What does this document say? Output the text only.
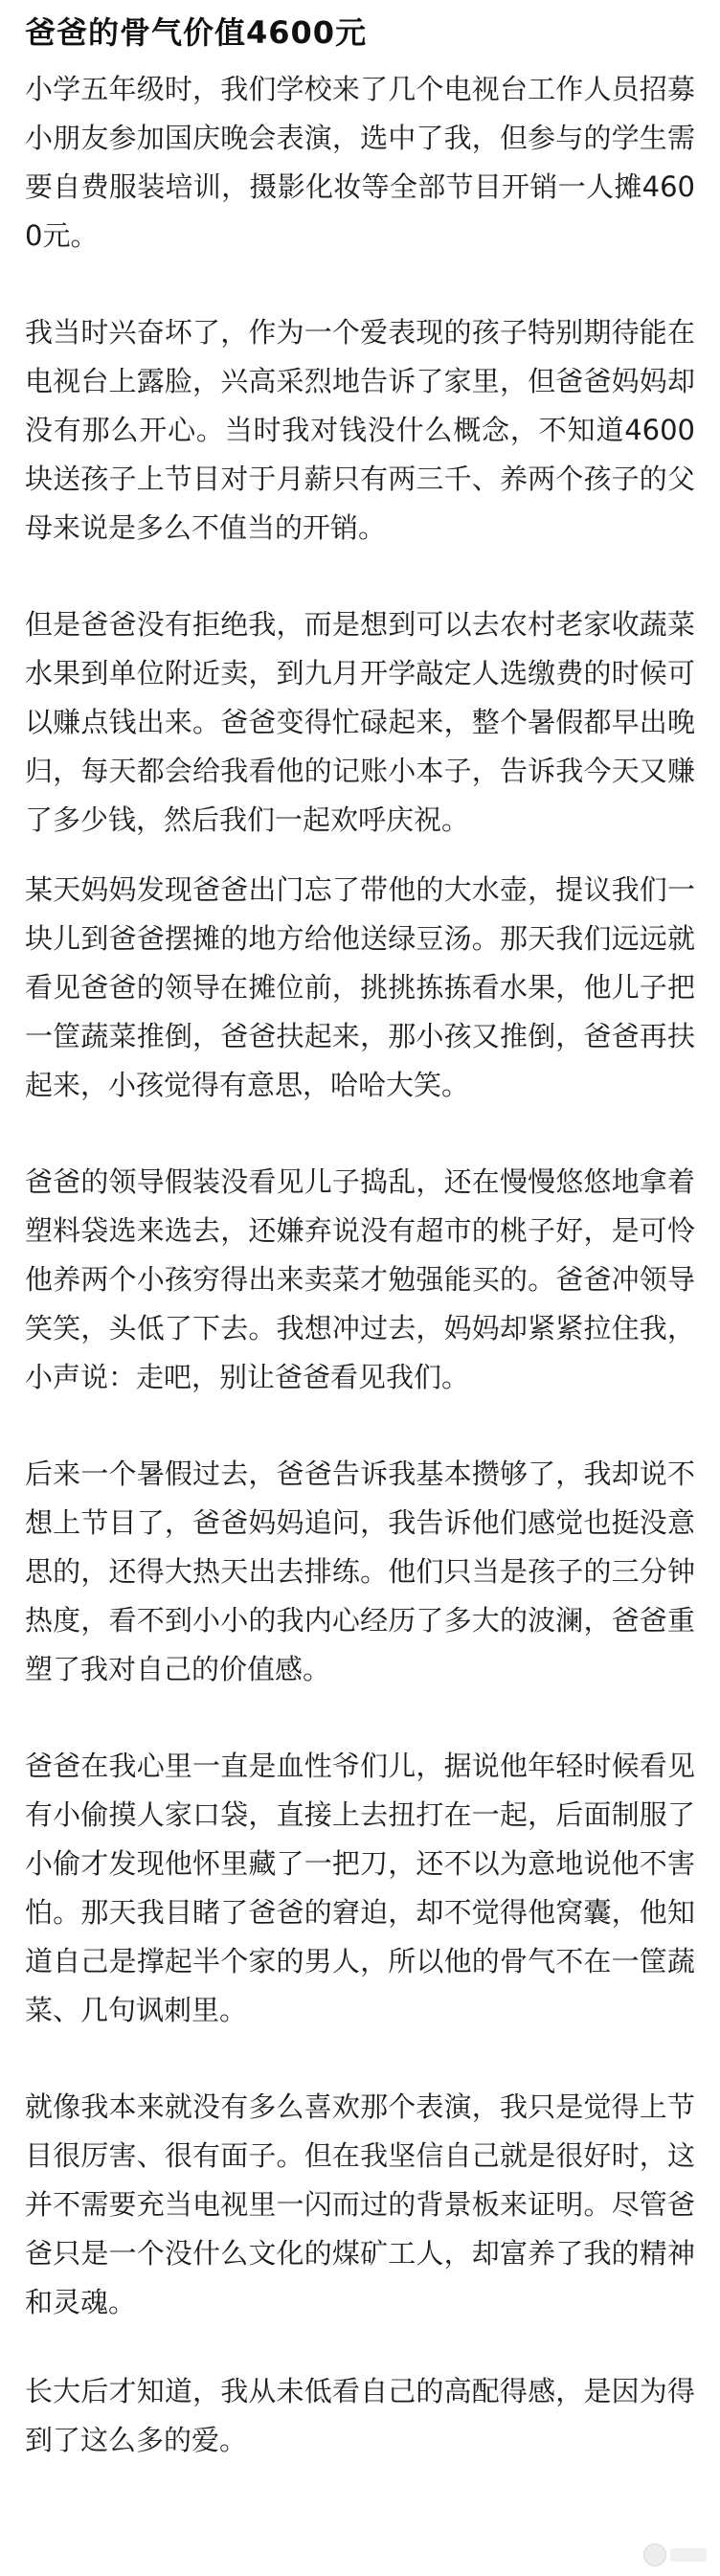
爸爸的骨气价值4600元

小学五年级时，我们学校来了几个电视台工作人员招募小朋友参加国庆晚会表演，选中了我，但参与的学生需要自费服装培训，摄影化妆等全部节目开销一人摊4600元。

我当时兴奋坏了，作为一个爱表现的孩子特别期待能在电视台上露脸，兴高采烈地告诉了家里，但爸爸妈妈却没有那么开心。当时我对钱没什么概念，不知道4600块送孩子上节目对于月薪只有两三千、养两个孩子的父母来说是多么不值当的开销。

但是爸爸没有拒绝我，而是想到可以去农村老家收蔬菜水果到单位附近卖，到九月开学敲定人选缴费的时候可以赚点钱出来。爸爸变得忙碌起来，整个暑假都早出晚归，每天都会给我看他的记账小本子，告诉我今天又赚了多少钱，然后我们一起欢呼庆祝。

某天妈妈发现爸爸出门忘了带他的大水壶，提议我们一块儿到爸爸摆摊的地方给他送绿豆汤。那天我们远远就看见爸爸的领导在摊位前，挑挑拣拣看水果，他儿子把一筐蔬菜推倒，爸爸扶起来，那小孩又推倒，爸爸再扶起来，小孩觉得有意思，哈哈大笑。

爸爸的领导假装没看见儿子捣乱，还在慢慢悠悠地拿着塑料袋选来选去，还嫌弃说没有超市的桃子好，是可怜他养两个小孩穷得出来卖菜才勉强能买的。爸爸冲领导笑笑，头低了下去。我想冲过去，妈妈却紧紧拉住我，小声说：走吧，别让爸爸看见我们。

后来一个暑假过去，爸爸告诉我基本攒够了，我却说不想上节目了，爸爸妈妈追问，我告诉他们感觉也挺没意思的，还得大热天出去排练。他们只当是孩子的三分钟热度，看不到小小的我内心经历了多大的波澜，爸爸重塑了我对自己的价值感。

爸爸在我心里一直是血性爷们儿，据说他年轻时候看见有小偷摸人家口袋，直接上去扭打在一起，后面制服了小偷才发现他怀里藏了一把刀，还不以为意地说他不害怕。那天我目睹了爸爸的窘迫，却不觉得他窝囊，他知道自己是撑起半个家的男人，所以他的骨气不在一筐蔬菜、几句讽刺里。

就像我本来就没有多么喜欢那个表演，我只是觉得上节目很厉害、很有面子。但在我坚信自己就是很好时，这并不需要充当电视里一闪而过的背景板来证明。尽管爸爸只是一个没什么文化的煤矿工人，却富养了我的精神和灵魂。

长大后才知道，我从未低看自己的高配得感，是因为得到了这么多的爱。
